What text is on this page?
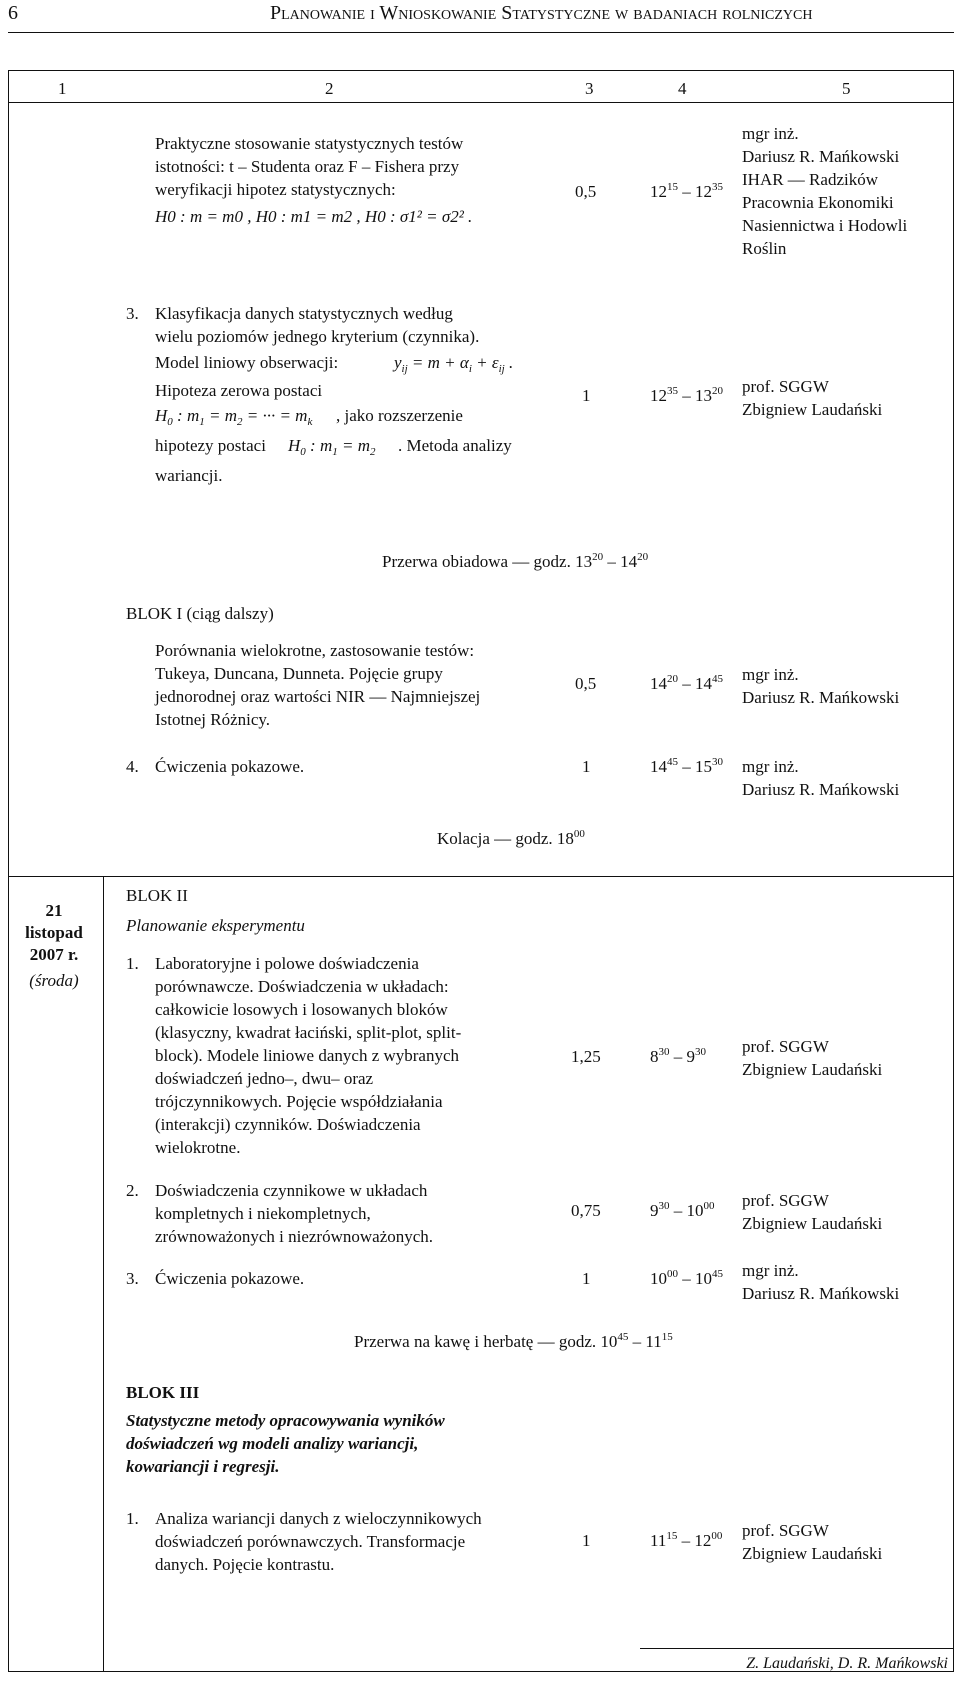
6	Planowanie i Wnioskowanie Statystyczne w badaniach rolniczych
1	2	3	4	5
Praktyczne stosowanie statystycznych testów
istotności: t – Studenta oraz F – Fishera przy
weryfikacji hipotez statystycznych:
H0 : m = m0 , H0 : m1 = m2 , H0 : σ1² = σ2² .
0,5	$12^{15} - 12^{35}$
mgr inż.
Dariusz R. Mańkowski
IHAR — Radzików
Pracownia Ekonomiki
Nasiennictwa i Hodowli
Roślin
3. Klasyfikacja danych statystycznych według
wielu poziomów jednego kryterium (czynnika).
Model liniowy obserwacji:	$y_{ij} = m + \alpha_i + \varepsilon_{ij}$ .
Hipoteza zerowa postaci
$H_0$ : $m_1 = m_2$ = ··· = $m_k$ , jako rozszerzenie
hipotezy postaci $H_0$ : $m_1 = m_2$ . Metoda analizy
wariancji.
1	$12^{35} - 13^{20}$ prof. SGGW
Zbigniew Laudański
Przerwa obiadowa — godz. $13^{20} - 14^{20}$
BLOK I (ciąg dalszy)
Porównania wielokrotne, zastosowanie testów:
Tukeya, Duncana, Dunneta. Pojęcie grupy
jednorodnej oraz wartości NIR — Najmniejszej
Istotnej Różnicy.
0,5	$14^{20} - 14^{45}$ mgr inż.
Dariusz R. Mańkowski
4. Ćwiczenia pokazowe.	1	$14^{45} - 15^{30}$ mgr inż.
Dariusz R. Mańkowski
Kolacja — godz. $18^{00}$
21
listopad
2007 r.
(środa)
BLOK II
Planowanie eksperymentu
1. Laboratoryjne i polowe doświadczenia
porównawcze. Doświadczenia w układach:
całkowicie losowych i losowanych bloków
(klasyczny, kwadrat łaciński, split-plot, split-
block). Modele liniowe danych z wybranych
doświadczeń jedno–, dwu– oraz
trójczynnikowych. Pojęcie współdziałania
(interakcji) czynników. Doświadczenia
wielokrotne.
1,25	$8^{30} - 9^{30}$ prof. SGGW
Zbigniew Laudański
2. Doświadczenia czynnikowe w układach
kompletnych i niekompletnych,
zrównoważonych i niezrównoważonych.
0,75	$9^{30} - 10^{00}$ prof. SGGW
Zbigniew Laudański
3. Ćwiczenia pokazowe.	1	$10^{00} - 10^{45}$ mgr inż.
Dariusz R. Mańkowski
Przerwa na kawę i herbatę — godz. $10^{45} - 11^{15}$
BLOK III
Statystyczne metody opracowywania wyników
doświadczeń wg modeli analizy wariancji,
kowariancji i regresji.
1. Analiza wariancji danych z wieloczynnikowych
doświadczeń porównawczych. Transformacje
danych. Pojęcie kontrastu.
1	$11^{15} - 12^{00}$ prof. SGGW
Zbigniew Laudański
Z. Laudański, D. R. Mańkowski
